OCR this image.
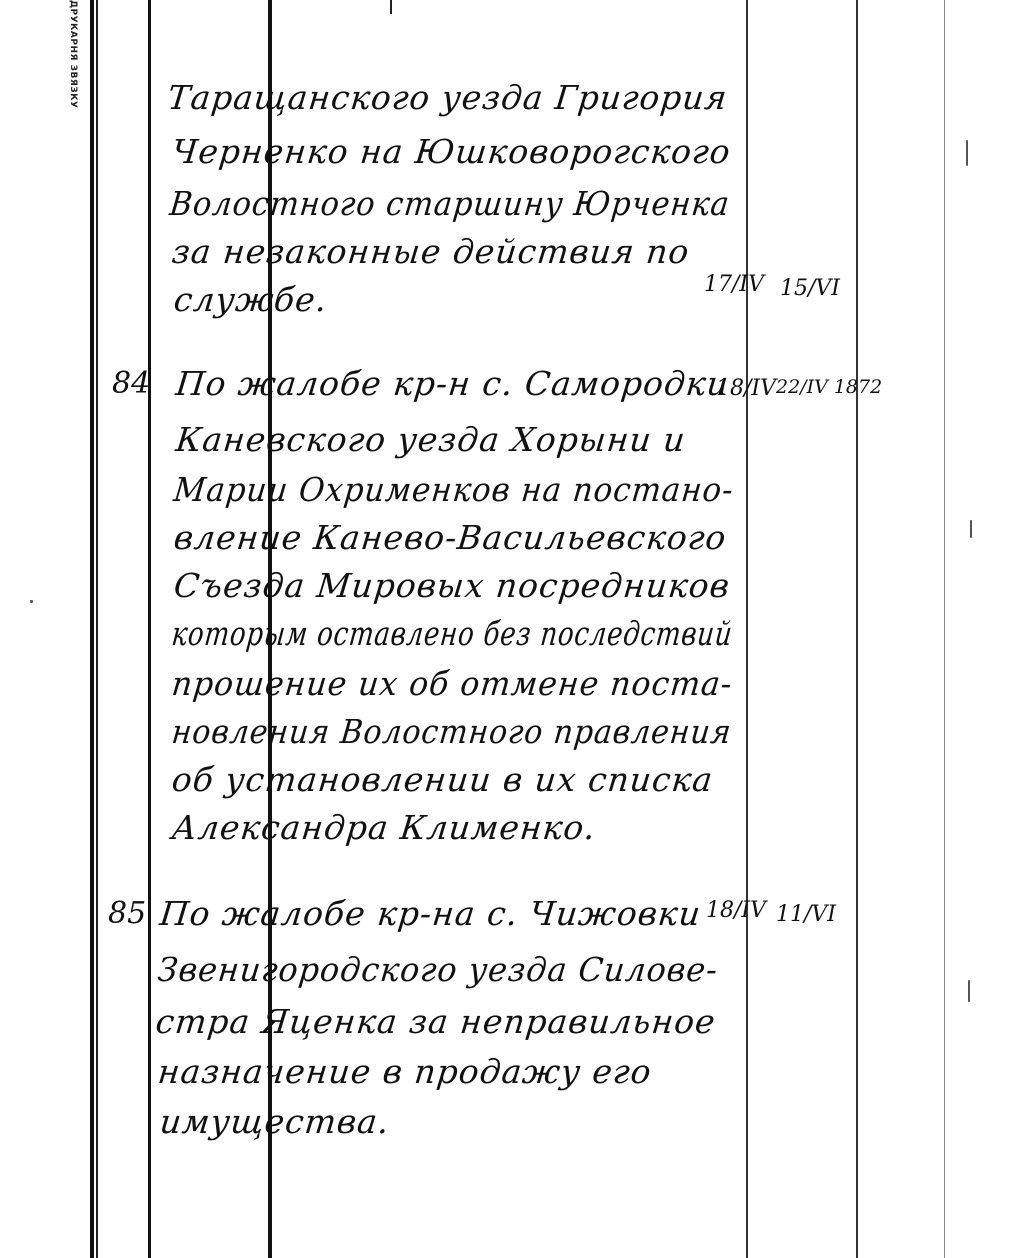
ДРУКАРНЯ ЗВЯЗКУ	Таращанского уезда Григория
Черненко на Юшковорогского
Волостного старшину Юрченка
за незаконные действия по
службе.	17/IV 15/VI
84 По жалобе кр-н с. Самородки
Каневского уезда Хорыни и
Марии Охрименков на постано-
вление Канево-Васильевского
Съезда Мировых посредников
которым оставлено без последствий
прошение их об отмене поста-
новления Волостного правления
об установлении в их списка
Александра Клименко.
18/IV 22/IV 1872
85 По жалобе кр-на с. Чижовки
Звенигородского уезда Силове-
стра Яценка за неправильное
назначение в продажу его
имущества.
18/IV 11/VI
